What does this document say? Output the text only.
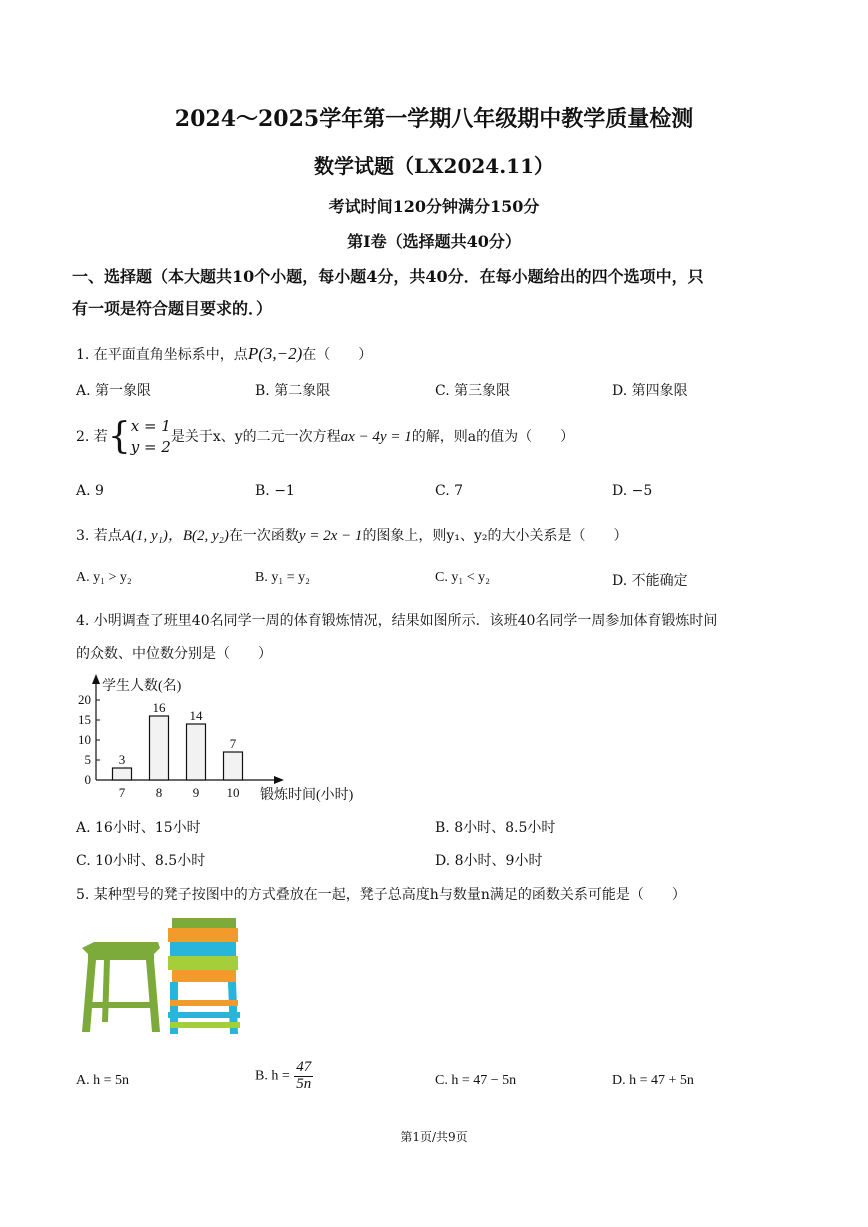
2024～2025学年第一学期八年级期中教学质量检测
数学试题（LX2024.11）
考试时间120分钟满分150分
第I卷（选择题共40分）
一、选择题（本大题共10个小题，每小题4分，共40分．在每小题给出的四个选项中，只
有一项是符合题目要求的．）
1. 在平面直角坐标系中，点P(3,−2)在（　　）
A. 第一象限	B. 第二象限	C. 第三象限	D. 第四象限
2. 若 { x = 1
y = 2
是关于x、y的二元一次方程ax − 4y = 1的解，则a的值为（　　）
A. 9	B. −1	C. 7	D. −5
3. 若点A(1, y₁)，B(2, y₂)在一次函数y = 2x − 1的图象上，则y₁、y₂的大小关系是（　　）
A. y₁ > y₂	B. y₁ = y₂	C. y₁ < y₂	D. 不能确定
4. 小明调查了班里40名同学一周的体育锻炼情况，结果如图所示．该班40名同学一周参加体育锻炼时间
的众数、中位数分别是（　　）
学生人数(名)
锻炼时间(小时)
0
5
10
15
20
3
7
16
8
14
9
7
10
A. 16小时、15小时	B. 8小时、8.5小时
C. 10小时、8.5小时	D. 8小时、9小时
5. 某种型号的凳子按图中的方式叠放在一起，凳子总高度h与数量n满足的函数关系可能是（　　）
A. h = 5n	B. $h = \frac{47}{5n}$	C. h = 47 − 5n	D. h = 47 + 5n
第1页/共9页
